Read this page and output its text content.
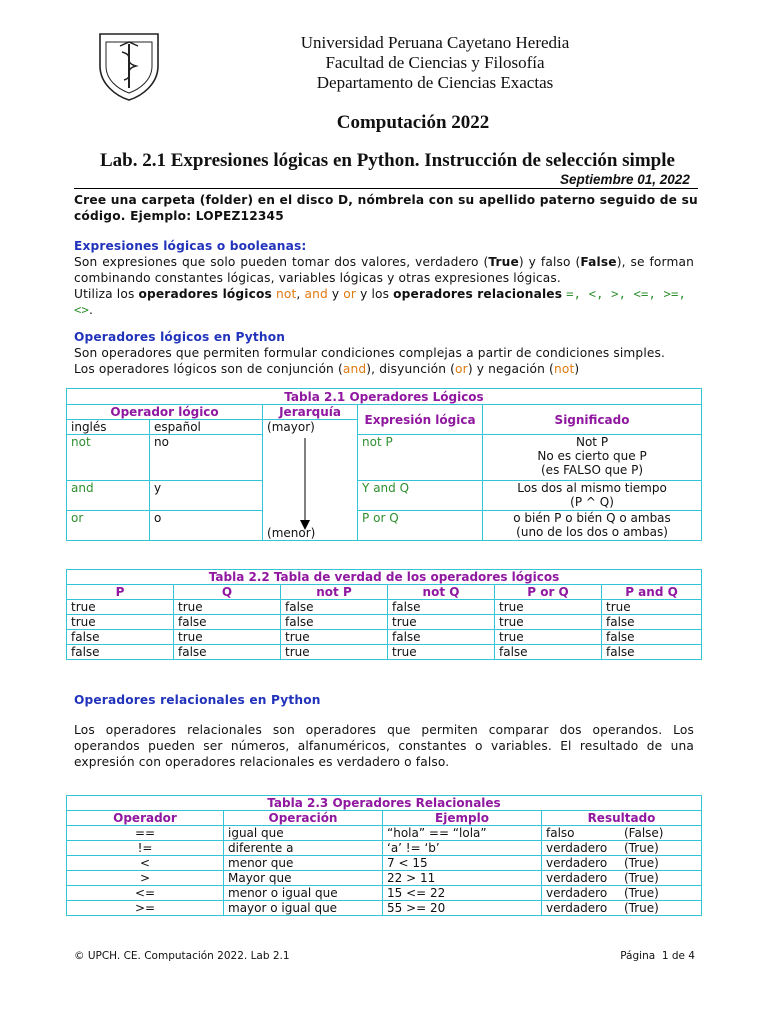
Universidad Peruana Cayetano Heredia
Facultad de Ciencias y Filosofía
Departamento de Ciencias Exactas
Computación 2022
Lab. 2.1 Expresiones lógicas en Python. Instrucción de selección simple
Septiembre 01, 2022
Cree una carpeta (folder) en el disco D, nómbrela con su apellido paterno seguido de su código. Ejemplo: LOPEZ12345
Expresiones lógicas o booleanas:
Son expresiones que solo pueden tomar dos valores, verdadero (True) y falso (False), se forman combinando constantes lógicas, variables lógicas y otras expresiones lógicas.
Utiliza los operadores lógicos not, and y or y los operadores relacionales =, <, >, <=, >=, <>.
Operadores lógicos en Python
Son operadores que permiten formular condiciones complejas a partir de condiciones simples.
Los operadores lógicos son de conjunción (and), disyunción (or) y negación (not)
Tabla 2.1 Operadores Lógicos				
Operador lógico		Jerarquía	Expresión lógica	Significado
inglés	español	(mayor)
(menor)		

not	no		not P	Not P
No es cierto que P
(es FALSO que P)

and	y		Y and Q	Los dos al mismo tiempo
(P ^ Q)

or	o		P or Q	o bién P o bién Q o ambas
(uno de los dos o ambas)
Tabla 2.2 Tabla de verdad de los operadores lógicos					
P	Q	not P	not Q	P or Q	P and Q
true	true	false	false	true	true
true	false	false	true	true	false
false	true	true	false	true	false
false	false	true	true	false	false
Operadores relacionales en Python
Los operadores relacionales son operadores que permiten comparar dos operandos. Los operandos pueden ser números, alfanuméricos, constantes o variables. El resultado de una expresión con operadores relacionales es verdadero o falso.
Tabla 2.3 Operadores Relacionales			
Operador	Operación	Ejemplo	Resultado
==	igual que	“hola” == “lola”	falso (False)
!=	diferente a	‘a’ != ‘b’	verdadero (True)
<	menor que	7 < 15	verdadero (True)
>	Mayor que	22 > 11	verdadero (True)
<=	menor o igual que	15 <= 22	verdadero (True)
>=	mayor o igual que	55 >= 20	verdadero (True)
© UPCH. CE. Computación 2022. Lab 2.1	Página  1 de 4
